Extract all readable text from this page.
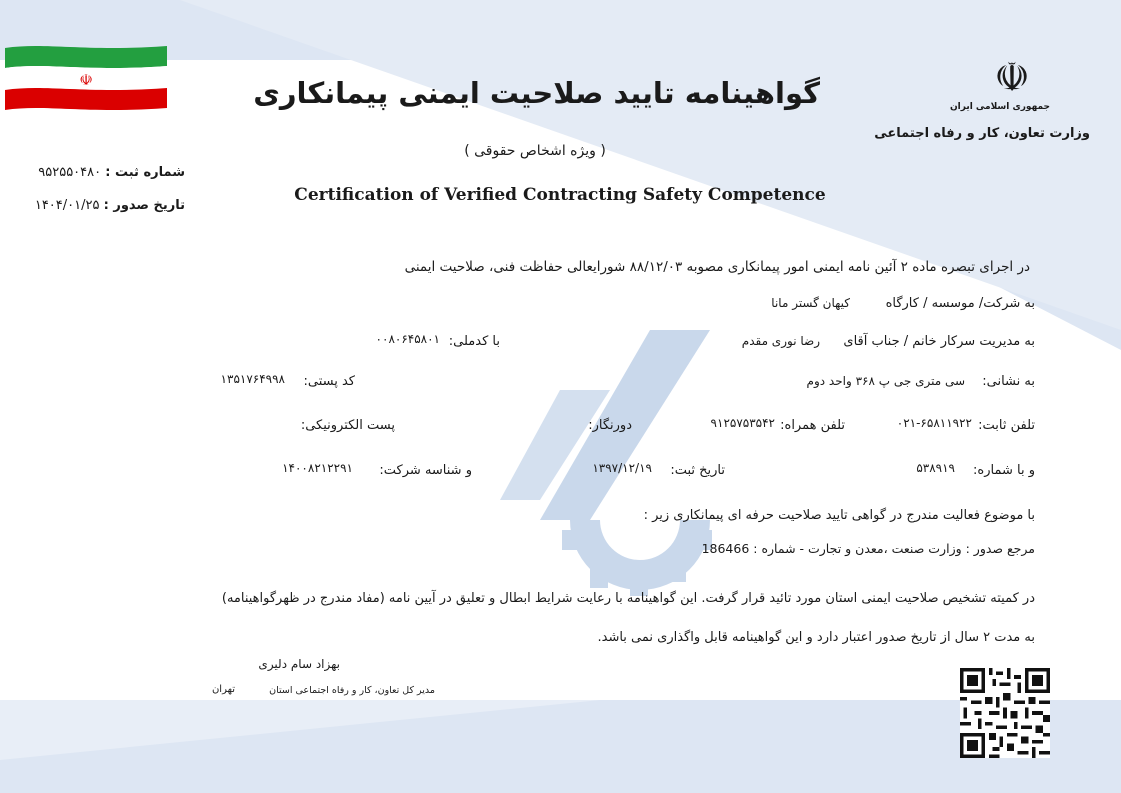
☫	☫
جمهوری اسلامی ایران
وزارت تعاون، کار و رفاه اجتماعی
گواهینامه تایید صلاحیت ایمنی پیمانکاری
( ویژه اشخاص حقوقی )
Certification of Verified Contracting Safety Competence
شماره ثبت : ۹۵۲۵۵۰۴۸۰
تاریخ صدور : ۱۴۰۴/۰۱/۲۵
در اجرای تبصره ماده ۲ آئین نامه ایمنی امور پیمانکاری مصوبه ۸۸/۱۲/۰۳ شورایعالی حفاظت فنی، صلاحیت ایمنی
به شرکت/ موسسه / کارگاه
کیهان گستر مانا
به مدیریت سرکار خانم / جناب آقای
رضا نوری مقدم
با کدملی:
۰۰۸۰۶۴۵۸۰۱
به نشانی:
سی متری جی پ ۳۶۸ واحد دوم
کد پستی:
۱۳۵۱۷۶۴۹۹۸
تلفن ثابت:
۰۲۱-۶۵۸۱۱۹۲۲
تلفن همراه:
۹۱۲۵۷۵۳۵۴۲
دورنگار:
پست الکترونیکی:
و با شماره:
۵۳۸۹۱۹
تاریخ ثبت:
۱۳۹۷/۱۲/۱۹
و شناسه شرکت:
۱۴۰۰۸۲۱۲۲۹۱
با موضوع فعالیت مندرج در گواهی تایید صلاحیت حرفه ای پیمانکاری زیر :
مرجع صدور : وزارت صنعت ،معدن و تجارت - شماره : 186466
در کمیته تشخیص صلاحیت ایمنی استان مورد تائید قرار گرفت. این گواهینامه با رعایت شرایط ابطال و تعلیق در آیین نامه (مفاد مندرج در ظهرگواهینامه)
به مدت ۲ سال از تاریخ صدور اعتبار دارد و این گواهینامه قابل واگذاری نمی باشد.
بهزاد سام دلیری
مدیر کل تعاون، کار و رفاه اجتماعی استان
تهران
